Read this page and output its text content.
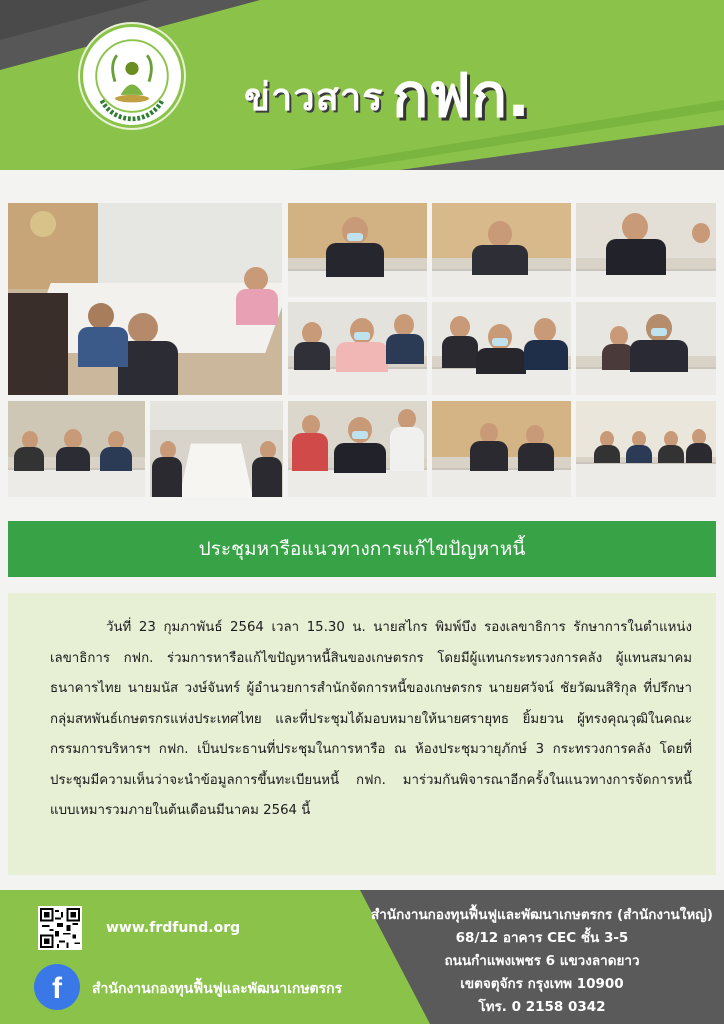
ข่าวสาร กฟก.
ประชุมหารือแนวทางการแก้ไขปัญหาหนี้

วันที่ 23 กุมภาพันธ์ 2564 เวลา 15.30 น. นายสไกร พิมพ์บึง รองเลขาธิการ รักษาการในตำแหน่งเลขาธิการ กฟก. ร่วมการหารือแก้ไขปัญหาหนี้สินของเกษตรกร โดยมีผู้แทนกระทรวงการคลัง ผู้แทนสมาคมธนาคารไทย นายมนัส วงษ์จันทร์ ผู้อำนวยการสำนักจัดการหนี้ของเกษตรกร นายยศวัจน์ ชัยวัฒนสิริกุล ที่ปรึกษากลุ่มสหพันธ์เกษตรกรแห่งประเทศไทย และที่ประชุมได้มอบหมายให้นายศรายุทธ ยิ้มยวน ผู้ทรงคุณวุฒิในคณะกรรมการบริหารฯ กฟก. เป็นประธานที่ประชุมในการหารือ ณ ห้องประชุมวายุภักษ์ 3 กระทรวงการคลัง โดยที่ประชุมมีความเห็นว่าจะนำข้อมูลการขึ้นทะเบียนหนี้ กฟก. มาร่วมกันพิจารณาอีกครั้งในแนวทางการจัดการหนี้แบบเหมารวมภายในต้นเดือนมีนาคม 2564 นี้

www.frdfund.org
f สำนักงานกองทุนฟื้นฟูและพัฒนาเกษตรกร
สำนักงานกองทุนฟื้นฟูและพัฒนาเกษตรกร (สำนักงานใหญ่)
68/12 อาคาร CEC ชั้น 3-5
ถนนกำแพงเพชร 6 แขวงลาดยาว
เขตจตุจักร กรุงเทพ 10900
โทร. 0 2158 0342
